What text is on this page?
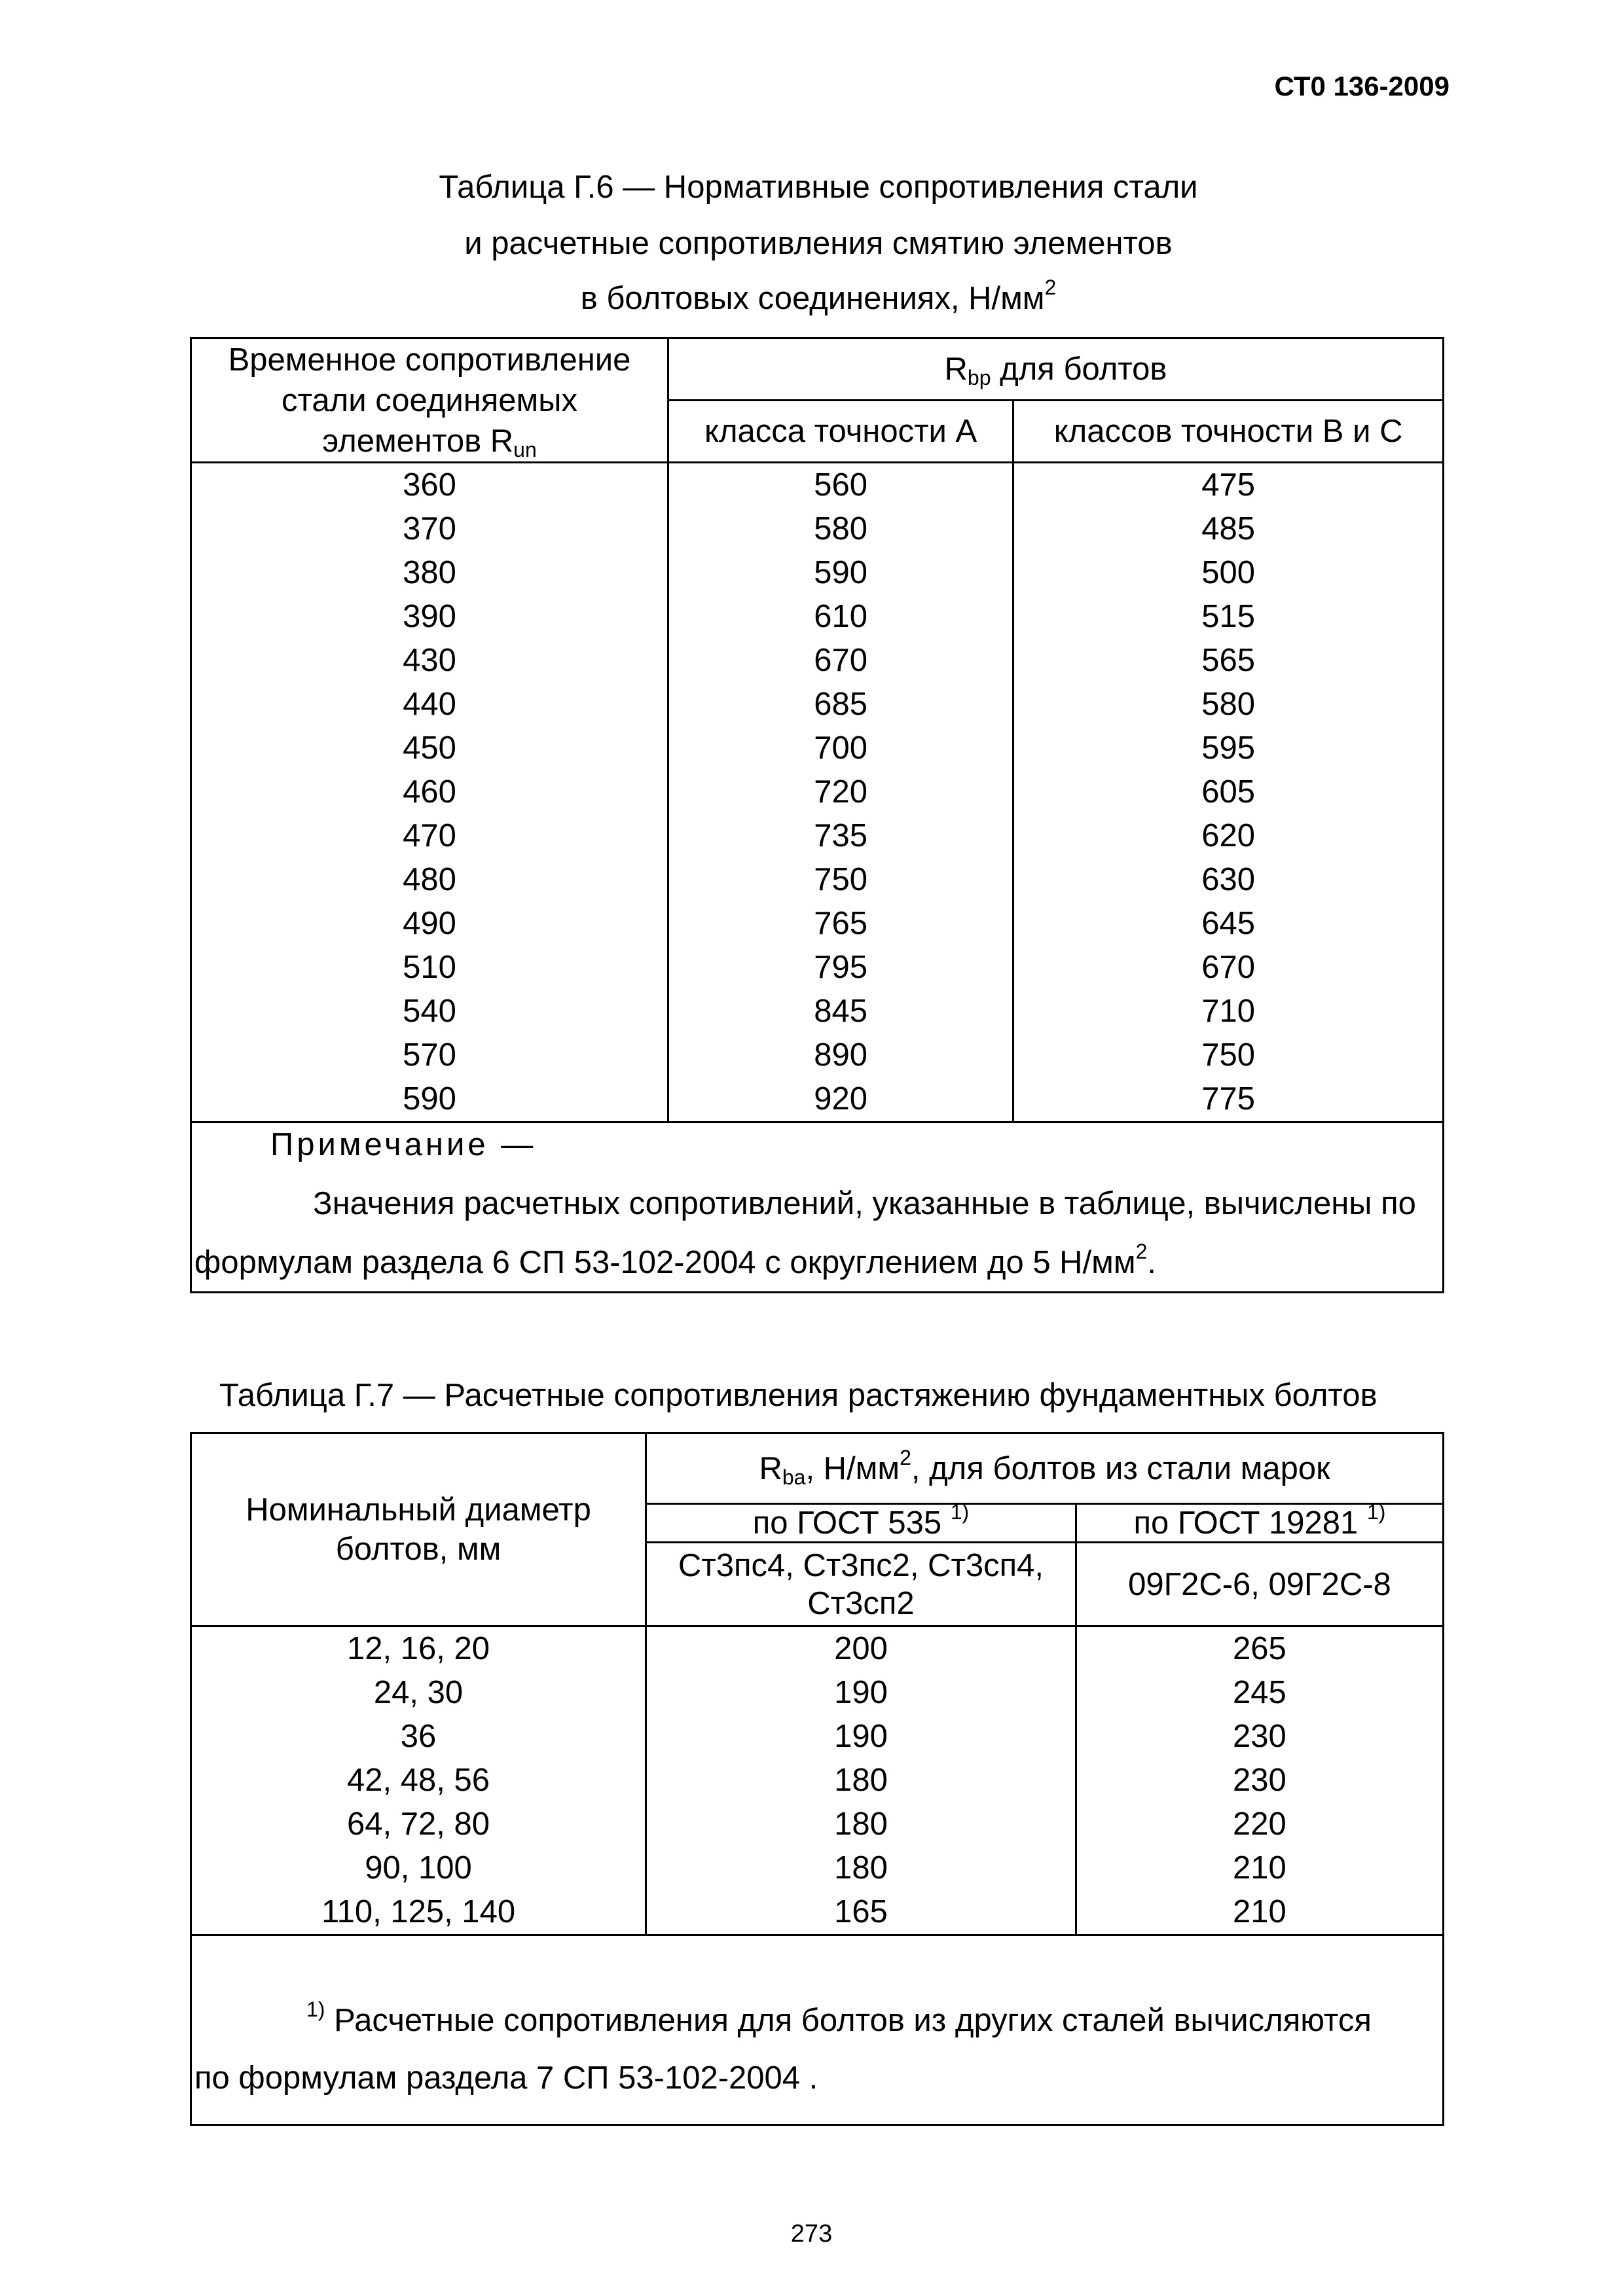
СТ0 136-2009
Таблица Г.6 — Нормативные сопротивления стали
и расчетные сопротивления смятию элементов
в болтовых соединениях, $Н/мм^2$
Временное сопротивление
стали соединяемых
элементов $R_{un}$	$R_{bp}$ для болтов	
	класса точности А	классов точности В и С
360	560	475
370	580	485
380	590	500
390	610	515
430	670	565
440	685	580
450	700	595
460	720	605
470	735	620
480	750	630
490	765	645
510	795	670
540	845	710
570	890	750
590	920	775

Примечание —
Значения расчетных сопротивлений, указанные в таблице, вычислены по
формулам раздела 6 СП 53-102-2004 с округлением до 5 $Н/мм^2$.		
Таблица Г.7 — Расчетные сопротивления растяжению фундаментных болтов
Номинальный диаметр
болтов, мм	$R_{ba}$, $Н/мм^2$, для болтов из стали марок	
	по ГОСТ 535 $^{1)}$	по ГОСТ 19281 $^{1)}$

	Ст3пс4, Ст3пс2, Ст3сп4,
Ст3сп2	09Г2С-6, 09Г2С-8
12, 16, 20	200	265
24, 30	190	245
36	190	230
42, 48, 56	180	230
64, 72, 80	180	220
90, 100	180	210
110, 125, 140	165	210

$^{1)}$ Расчетные сопротивления для болтов из других сталей вычисляются
по формулам раздела 7 СП 53-102-2004 .		
273
